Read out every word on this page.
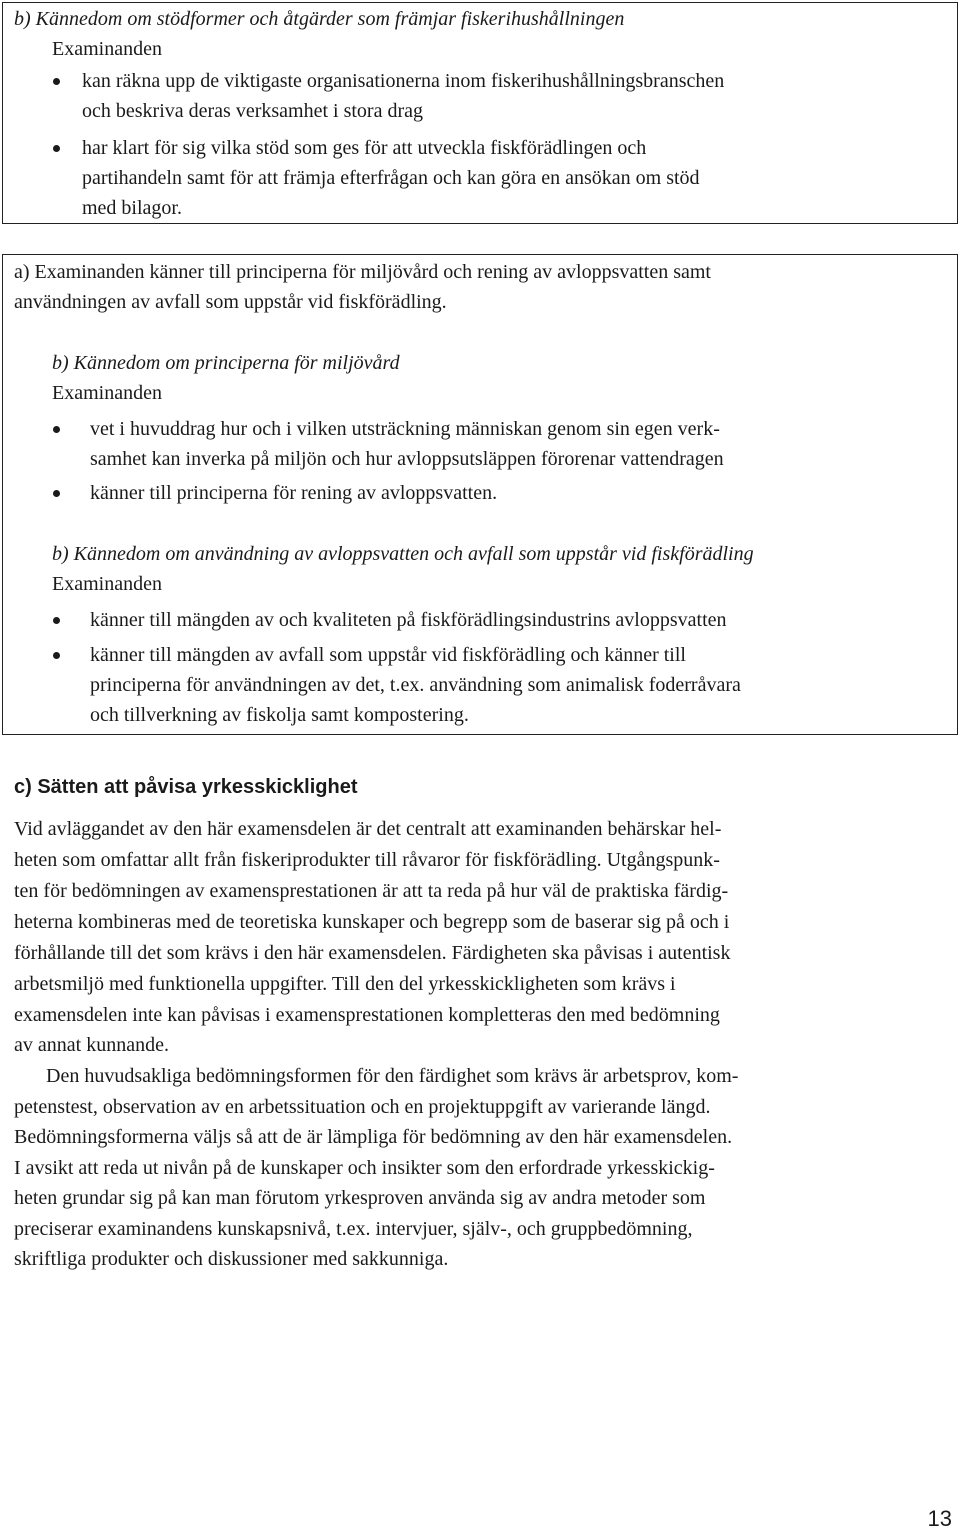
b) Kännedom om stödformer och åtgärder som främjar fiskerihushållningen
Examinanden
kan räkna upp de viktigaste organisationerna inom fiskerihushållningsbranschen
och beskriva deras verksamhet i stora drag
har klart för sig vilka stöd som ges för att utveckla fiskförädlingen och
partihandeln samt för att främja efterfrågan och kan göra en ansökan om stöd
med bilagor.
a) Examinanden känner till principerna för miljövård och rening av avloppsvatten samt
användningen av avfall som uppstår vid fiskförädling.
b) Kännedom om principerna för miljövård
Examinanden
vet i huvuddrag hur och i vilken utsträckning människan genom sin egen verk-
samhet kan inverka på miljön och hur avloppsutsläppen förorenar vattendragen
känner till principerna för rening av avloppsvatten.
b) Kännedom om användning av avloppsvatten och avfall som uppstår vid fiskförädling
Examinanden
känner till mängden av och kvaliteten på fiskförädlingsindustrins avloppsvatten
känner till mängden av avfall som uppstår vid fiskförädling och känner till
principerna för användningen av det, t.ex. användning som animalisk foderråvara
och tillverkning av fiskolja samt kompostering.
c) Sätten att påvisa yrkesskicklighet
Vid avläggandet av den här examensdelen är det centralt att examinanden behärskar hel-
heten som omfattar allt från fiskeriprodukter till råvaror för fiskförädling. Utgångspunk-
ten för bedömningen av examensprestationen är att ta reda på hur väl de praktiska färdig-
heterna kombineras med de teoretiska kunskaper och begrepp som de baserar sig på och i
förhållande till det som krävs i den här examensdelen. Färdigheten ska påvisas i autentisk
arbetsmiljö med funktionella uppgifter. Till den del yrkesskickligheten som krävs i
examensdelen inte kan påvisas i examensprestationen kompletteras den med bedömning
av annat kunnande.
Den huvudsakliga bedömningsformen för den färdighet som krävs är arbetsprov, kom-
petenstest, observation av en arbetssituation och en projektuppgift av varierande längd.
Bedömningsformerna väljs så att de är lämpliga för bedömning av den här examensdelen.
I avsikt att reda ut nivån på de kunskaper och insikter som den erfordrade yrkesskickig-
heten grundar sig på kan man förutom yrkesproven använda sig av andra metoder som
preciserar examinandens kunskapsnivå, t.ex. intervjuer, själv-, och gruppbedömning,
skriftliga produkter och diskussioner med sakkunniga.
13
